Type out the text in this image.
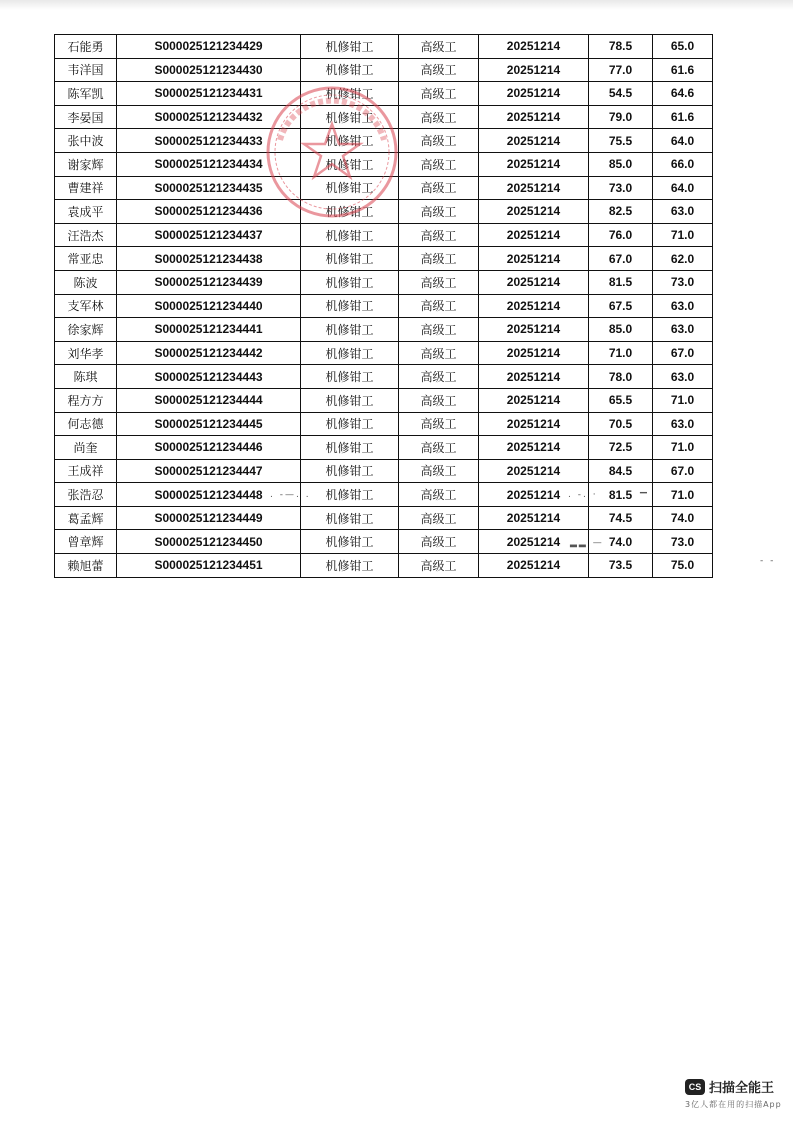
石能勇	S000025121234429	机修钳工	高级工	20251214	78.5	65.0
韦洋国	S000025121234430	机修钳工	高级工	20251214	77.0	61.6
陈军凯	S000025121234431	机修钳工	高级工	20251214	54.5	64.6
李晏国	S000025121234432	机修钳工	高级工	20251214	79.0	61.6
张中波	S000025121234433	机修钳工	高级工	20251214	75.5	64.0
谢家辉	S000025121234434	机修钳工	高级工	20251214	85.0	66.0
曹建祥	S000025121234435	机修钳工	高级工	20251214	73.0	64.0
袁成平	S000025121234436	机修钳工	高级工	20251214	82.5	63.0
汪浩杰	S000025121234437	机修钳工	高级工	20251214	76.0	71.0
常亚忠	S000025121234438	机修钳工	高级工	20251214	67.0	62.0
陈波	S000025121234439	机修钳工	高级工	20251214	81.5	73.0
支军林	S000025121234440	机修钳工	高级工	20251214	67.5	63.0
徐家辉	S000025121234441	机修钳工	高级工	20251214	85.0	63.0
刘华孝	S000025121234442	机修钳工	高级工	20251214	71.0	67.0
陈琪	S000025121234443	机修钳工	高级工	20251214	78.0	63.0
程方方	S000025121234444	机修钳工	高级工	20251214	65.5	71.0
何志德	S000025121234445	机修钳工	高级工	20251214	70.5	63.0
尚奎	S000025121234446	机修钳工	高级工	20251214	72.5	71.0
王成祥	S000025121234447	机修钳工	高级工	20251214	84.5	67.0
张浩忍	S000025121234448	机修钳工	高级工	20251214	81.5	71.0
葛孟辉	S000025121234449	机修钳工	高级工	20251214	74.5	74.0
曾章辉	S000025121234450	机修钳工	高级工	20251214	74.0	73.0
赖旭蕾	S000025121234451	机修钳工	高级工	20251214	73.5	75.0
. -—. .	. -. ·
▁
▂▂ —
- -
CS 扫描全能王
3亿人都在用的扫描App
